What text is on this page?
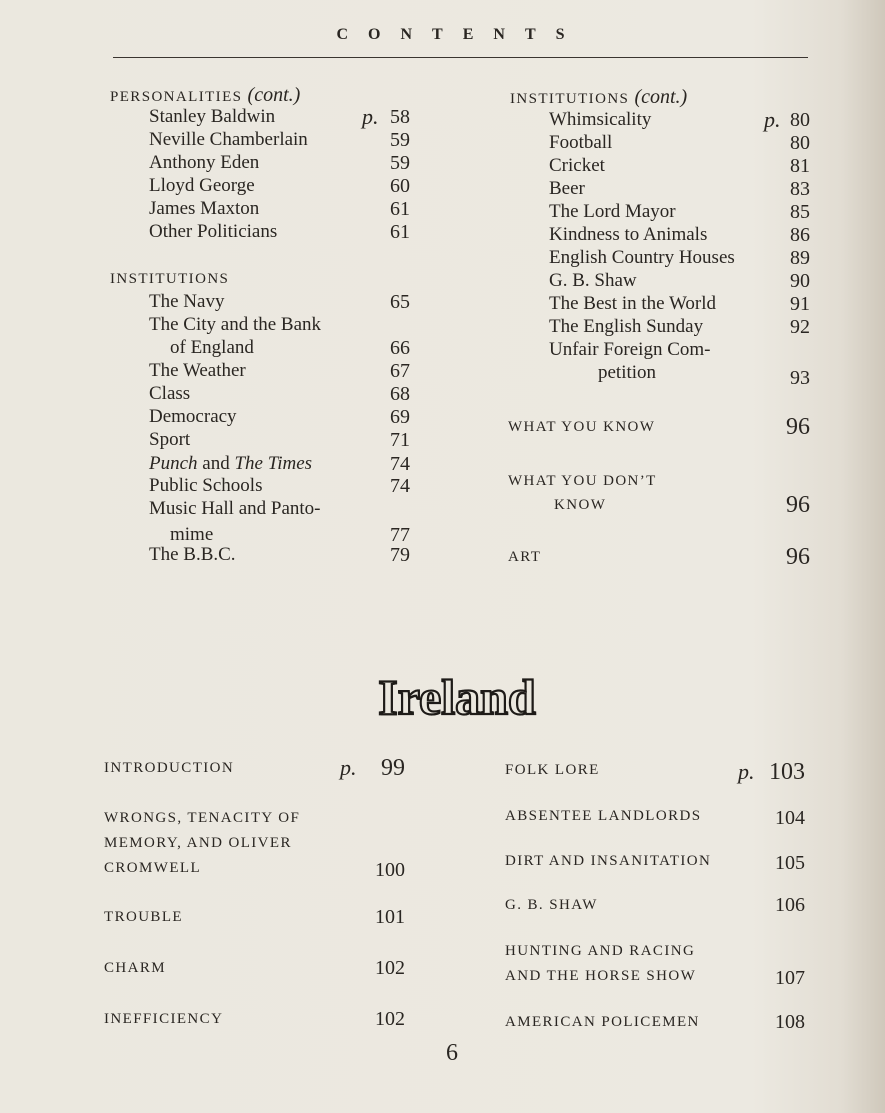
CONTENTS
PERSONALITIES (cont.)
Stanley Baldwin	p. 58
Neville Chamberlain	59
Anthony Eden	59
Lloyd George	60
James Maxton	61
Other Politicians	61
INSTITUTIONS
The Navy	65
The City and the Bank
of England	66
The Weather	67
Class	68
Democracy	69
Sport	71
Punch and The Times	74
Public Schools	74
Music Hall and Panto-
mime	77
The B.B.C.	79
INSTITUTIONS (cont.)
Whimsicality	p. 80
Football	80
Cricket	81
Beer	83
The Lord Mayor	85
Kindness to Animals	86
English Country Houses	89
G. B. Shaw	90
The Best in the World	91
The English Sunday	92
Unfair Foreign Com-
petition	93
WHAT YOU KNOW	96
WHAT YOU DON’T
KNOW	96
ART	96
Ireland
INTRODUCTION	p.	99
WRONGS, TENACITY OF
MEMORY, AND OLIVER
CROMWELL	100
TROUBLE	101
CHARM	102
INEFFICIENCY	102
FOLK LORE	p. 103
ABSENTEE LANDLORDS	104
DIRT AND INSANITATION	105
G. B. SHAW	106
HUNTING AND RACING
AND THE HORSE SHOW	107
AMERICAN POLICEMEN	108
6
